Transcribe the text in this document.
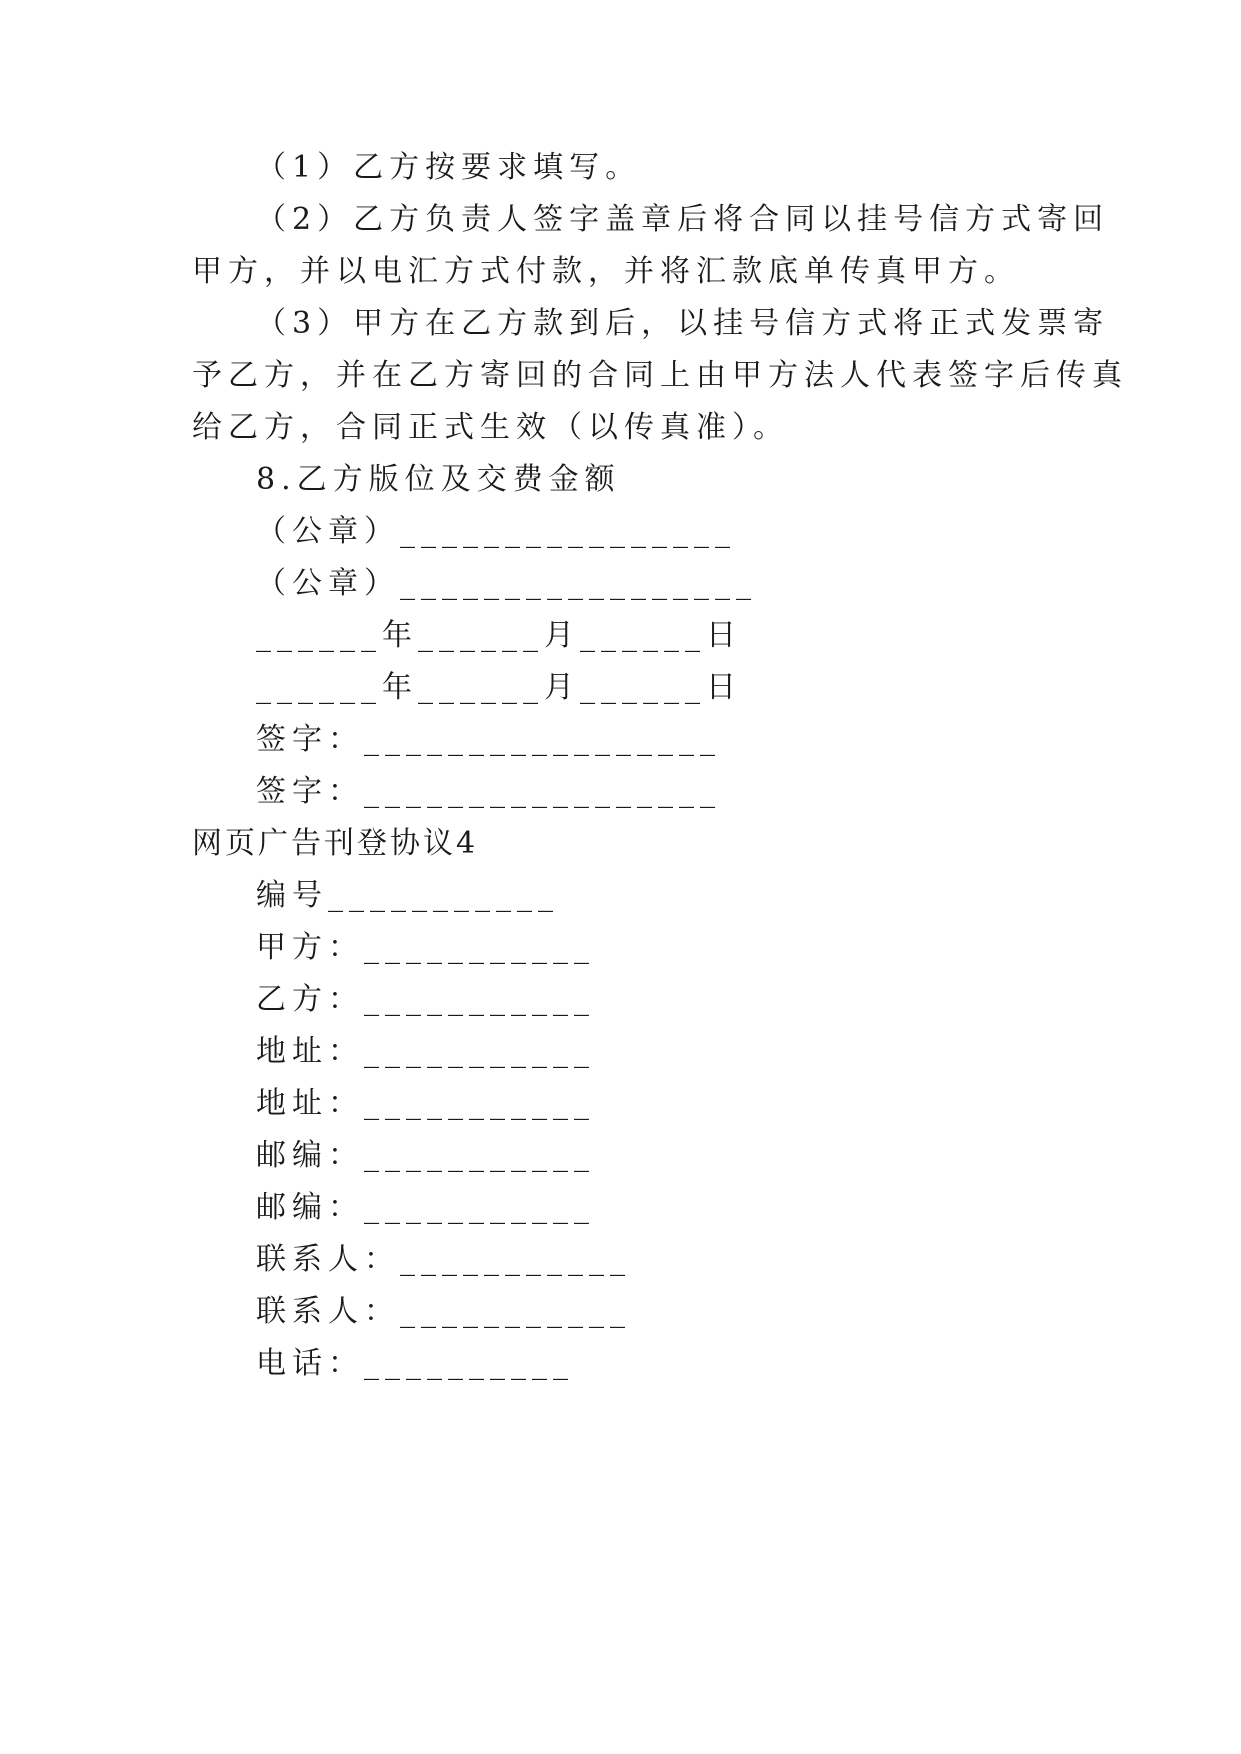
（1）乙方按要求填写。
（2）乙方负责人签字盖章后将合同以挂号信方式寄回
甲方，并以电汇方式付款，并将汇款底单传真甲方。
（3）甲方在乙方款到后，以挂号信方式将正式发票寄
予乙方，并在乙方寄回的合同上由甲方法人代表签字后传真
给乙方，合同正式生效（以传真准）。
8.乙方版位及交费金额
（公章）________________
（公章）_________________
______年______月______日
______年______月______日
签字：_________________
签字：_________________
网页广告刊登协议4
编号___________
甲方：___________
乙方：___________
地址：___________
地址：___________
邮编：___________
邮编：___________
联系人：___________
联系人：___________
电话：__________
